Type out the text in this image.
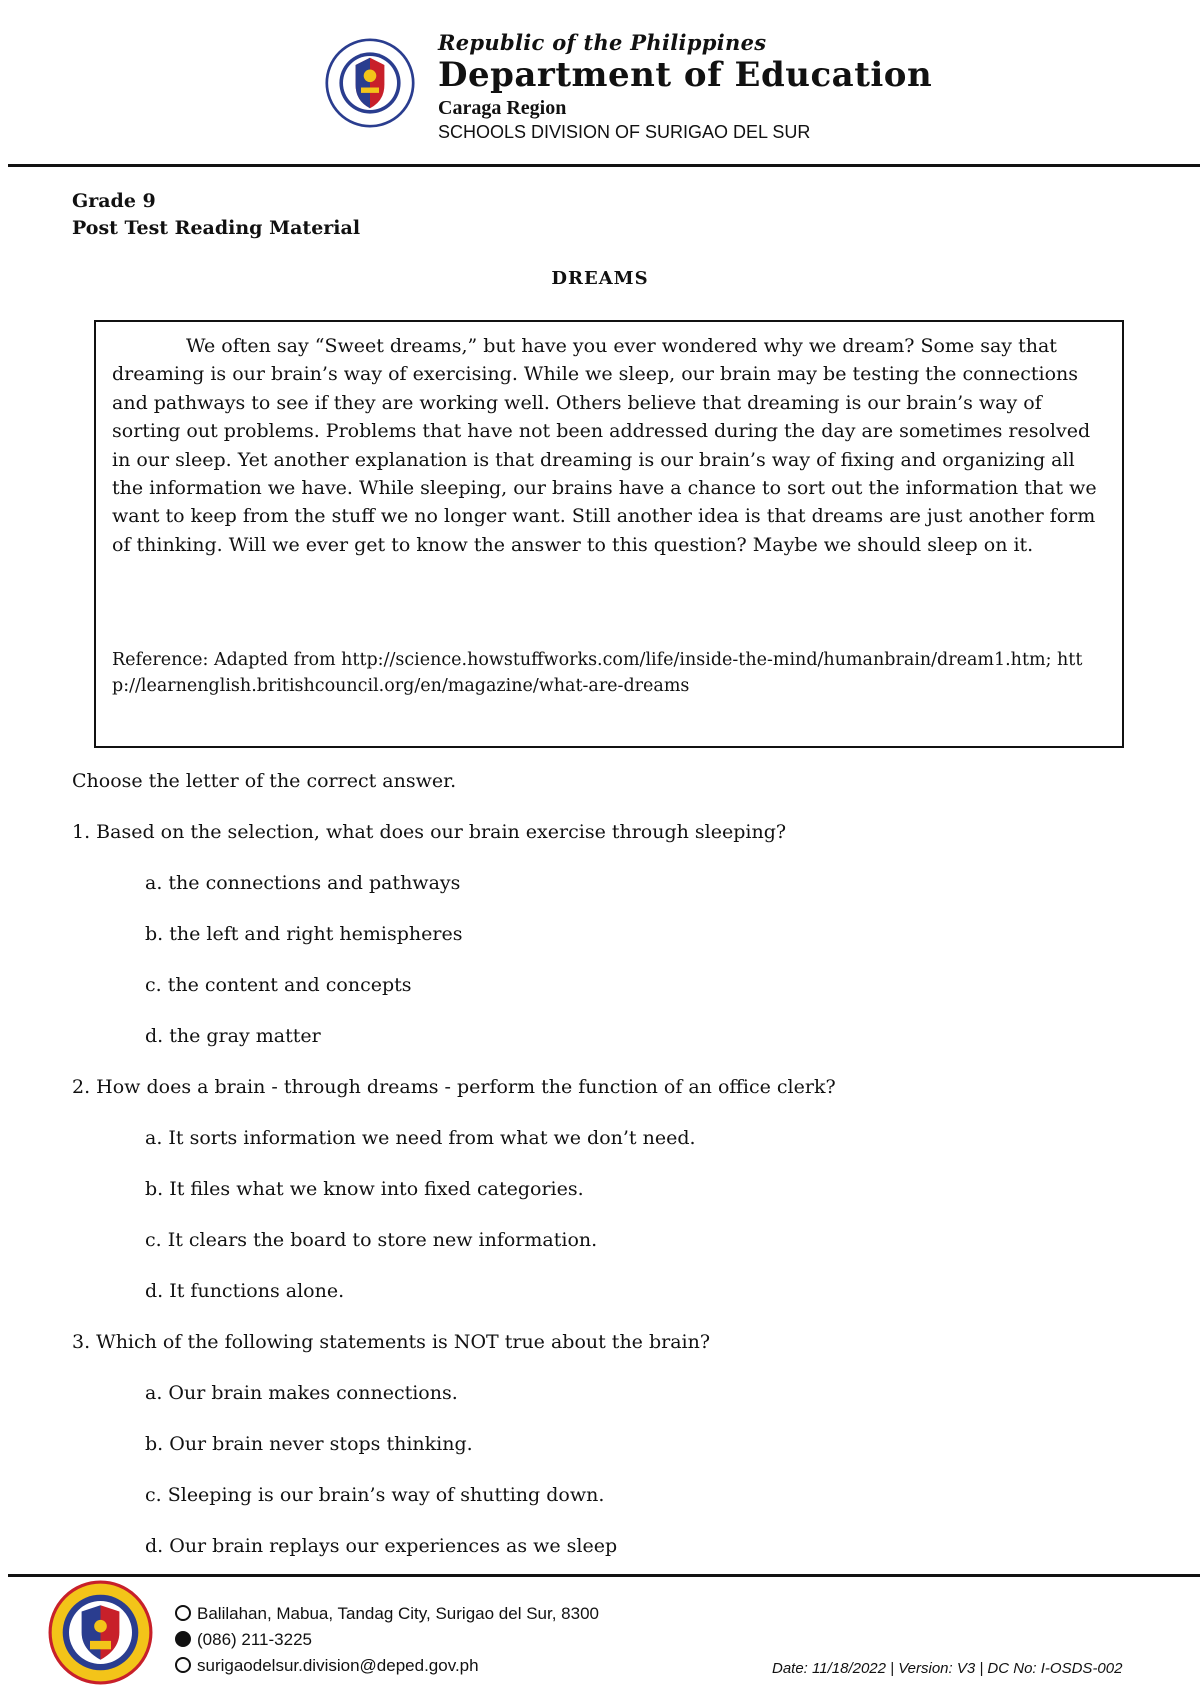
Republic of the Philippines
Department of Education
Caraga Region
SCHOOLS DIVISION OF SURIGAO DEL SUR
Grade 9
Post Test Reading Material
DREAMS

We often say “Sweet dreams,” but have you ever wondered why we dream? Some say that dreaming is our brain’s way of exercising. While we sleep, our brain may be testing the connections and pathways to see if they are working well. Others believe that dreaming is our brain’s way of sorting out problems. Problems that have not been addressed during the day are sometimes resolved in our sleep. Yet another explanation is that dreaming is our brain’s way of fixing and organizing all the information we have. While sleeping, our brains have a chance to sort out the information that we want to keep from the stuff we no longer want. Still another idea is that dreams are just another form of thinking. Will we ever get to know the answer to this question? Maybe we should sleep on it.

Reference: Adapted from http://science.howstuffworks.com/life/inside-the-mind/humanbrain/dream1.htm; http://learnenglish.britishcouncil.org/en/magazine/what-are-dreams
Choose the letter of the correct answer.
1. Based on the selection, what does our brain exercise through sleeping?
a. the connections and pathways
b. the left and right hemispheres
c. the content and concepts
d. the gray matter
2. How does a brain - through dreams - perform the function of an office clerk?
a. It sorts information we need from what we don’t need.
b. It files what we know into fixed categories.
c. It clears the board to store new information.
d. It functions alone.
3. Which of the following statements is NOT true about the brain?
a. Our brain makes connections.
b. Our brain never stops thinking.
c. Sleeping is our brain’s way of shutting down.
d. Our brain replays our experiences as we sleep
Balilahan, Mabua, Tandag City, Surigao del Sur, 8300
(086) 211-3225
surigaodelsur.division@deped.gov.ph	Date: 11/18/2022 | Version: V3 | DC No: I-OSDS-002
